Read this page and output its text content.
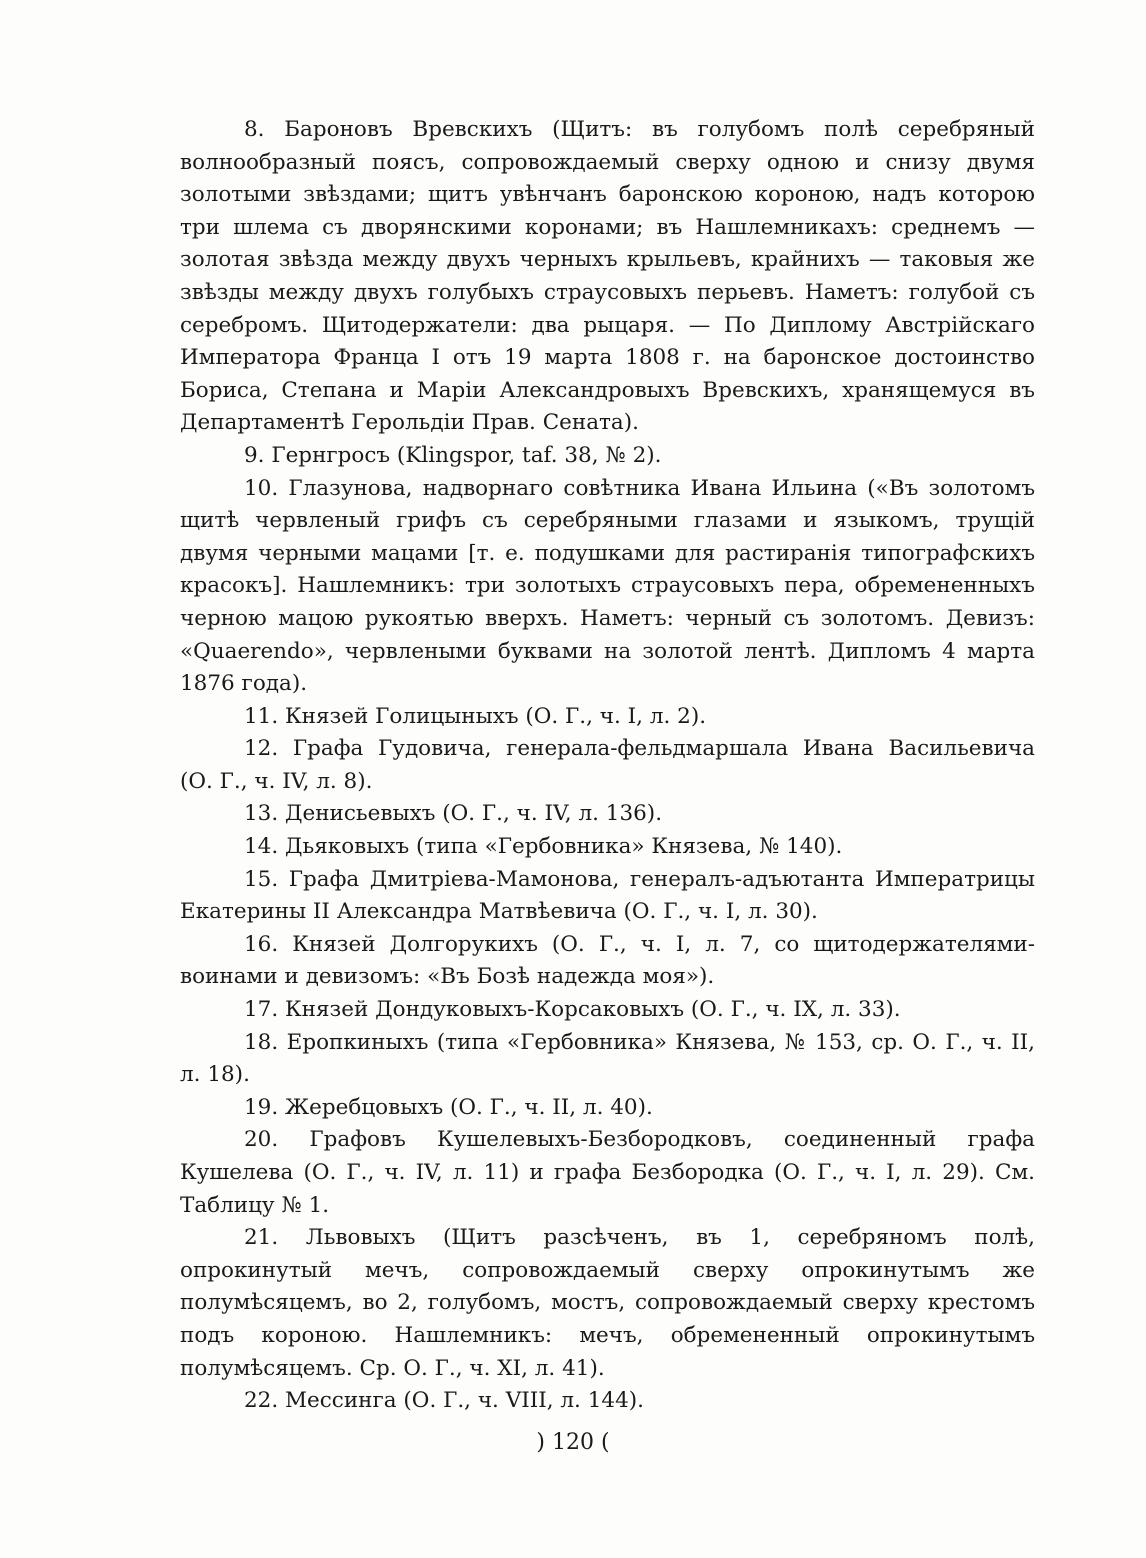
8. Бароновъ Вревскихъ (Щитъ: въ голубомъ полѣ серебряный волнообразный поясъ, сопровождаемый сверху одною и снизу двумя золотыми звѣздами; щитъ увѣнчанъ баронскою короною, надъ которою три шлема съ дворянскими коронами; въ Нашлемникахъ: среднемъ — золотая звѣзда между двухъ черныхъ крыльевъ, крайнихъ — таковыя же звѣзды между двухъ голубыхъ страусовыхъ перьевъ. Наметъ: голубой съ серебромъ. Щитодержатели: два рыцаря. — По Диплому Австрійскаго Императора Франца I отъ 19 марта 1808 г. на баронское достоинство Бориса, Степана и Маріи Александровыхъ Вревскихъ, хранящемуся въ Департаментѣ Герольдіи Прав. Сената).

9. Гернгросъ (Klingspor, taf. 38, № 2).

10. Глазунова, надворнаго совѣтника Ивана Ильина («Въ золотомъ щитѣ червленый грифъ съ серебряными глазами и языкомъ, трущій двумя черными мацами [т. е. подушками для растиранія типографскихъ красокъ]. Нашлемникъ: три золотыхъ страусовыхъ пера, обремененныхъ черною мацою рукоятью вверхъ. Наметъ: черный съ золотомъ. Девизъ: «Quaerendo», червлеными буквами на золотой лентѣ. Дипломъ 4 марта 1876 года).

11. Князей Голицыныхъ (О. Г., ч. I, л. 2).

12. Графа Гудовича, генерала-фельдмаршала Ивана Васильевича (О. Г., ч. IV, л. 8).

13. Денисьевыхъ (О. Г., ч. IV, л. 136).

14. Дьяковыхъ (типа «Гербовника» Князева, № 140).

15. Графа Дмитріева-Мамонова, генералъ-адъютанта Императрицы Екатерины II Александра Матвѣевича (О. Г., ч. I, л. 30).

16. Князей Долгорукихъ (О. Г., ч. I, л. 7, со щитодержателями-воинами и девизомъ: «Въ Бозѣ надежда моя»).

17. Князей Дондуковыхъ-Корсаковыхъ (О. Г., ч. IX, л. 33).

18. Еропкиныхъ (типа «Гербовника» Князева, № 153, ср. О. Г., ч. II, л. 18).

19. Жеребцовыхъ (О. Г., ч. II, л. 40).

20. Графовъ Кушелевыхъ-Безбородковъ, соединенный графа Кушелева (О. Г., ч. IV, л. 11) и графа Безбородка (О. Г., ч. I, л. 29). См. Таблицу № 1.

21. Львовыхъ (Щитъ разсѣченъ, въ 1, серебряномъ полѣ, опрокинутый мечъ, сопровождаемый сверху опрокинутымъ же полумѣсяцемъ, во 2, голубомъ, мостъ, сопровождаемый сверху крестомъ подъ короною. Нашлемникъ: мечъ, обремененный опрокинутымъ полумѣсяцемъ. Ср. О. Г., ч. XI, л. 41).

22. Мессинга (О. Г., ч. VIII, л. 144).

) 120 (
